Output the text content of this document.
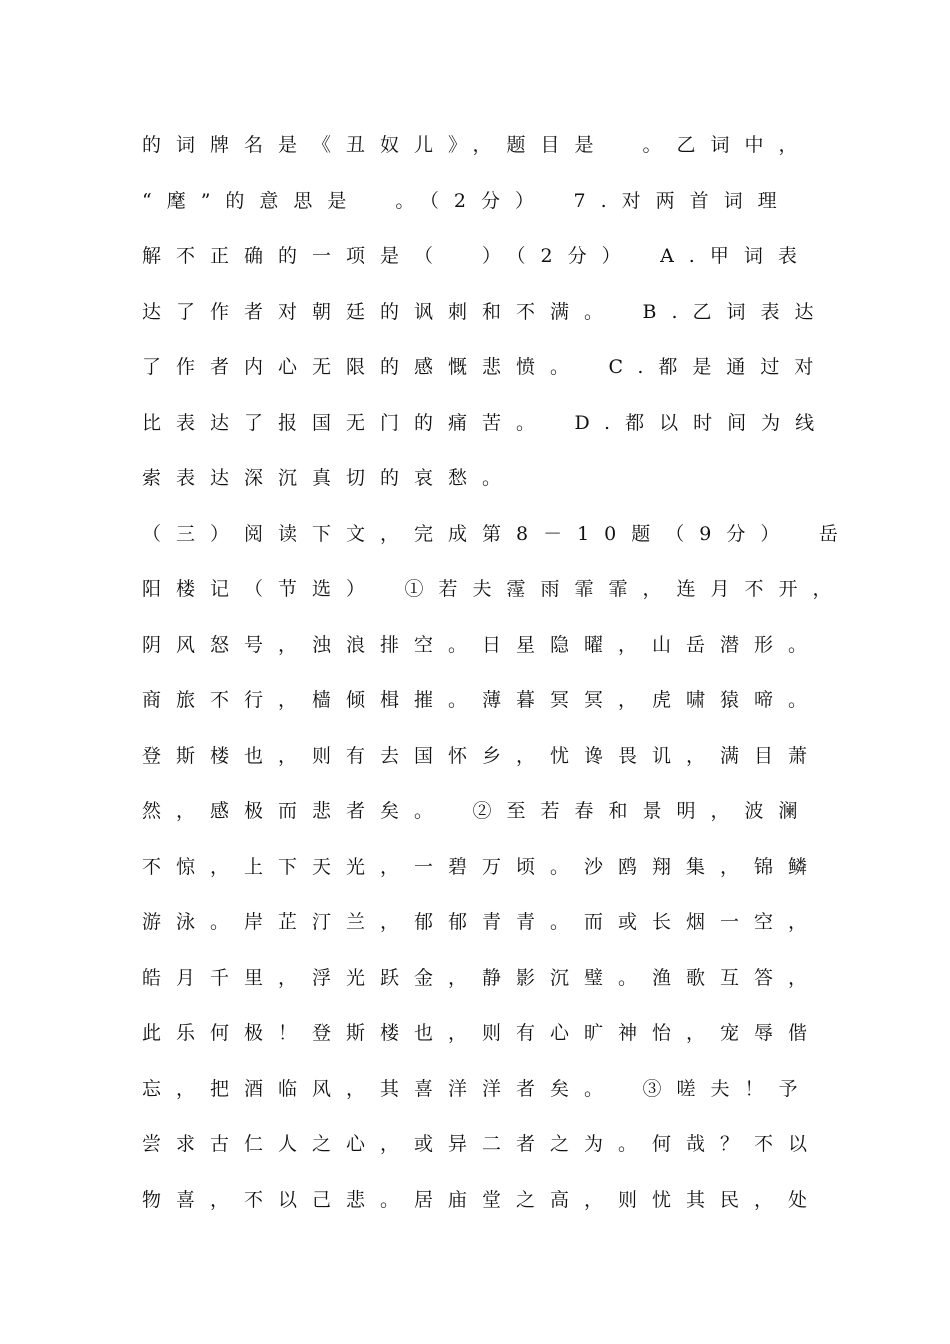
的词牌名是《丑奴儿》，题目是　。乙词中，
“麾”的意思是　。（2分）　7.对两首词理
解不正确的一项是（　）（2分）　A.甲词表
达了作者对朝廷的讽刺和不满。　B.乙词表达
了作者内心无限的感慨悲愤。　C.都是通过对
比表达了报国无门的痛苦。　D.都以时间为线
索表达深沉真切的哀愁。
（三）阅读下文，完成第8－10题（9分）　岳
阳楼记（节选）　①若夫霪雨霏霏，连月不开，
阴风怒号，浊浪排空。日星隐曜，山岳潜形。
商旅不行，樯倾楫摧。薄暮冥冥，虎啸猿啼。
登斯楼也，则有去国怀乡，忧谗畏讥，满目萧
然，感极而悲者矣。　②至若春和景明，波澜
不惊，上下天光，一碧万顷。沙鸥翔集，锦鳞
游泳。岸芷汀兰，郁郁青青。而或长烟一空，
皓月千里，浮光跃金，静影沉璧。渔歌互答，
此乐何极！登斯楼也，则有心旷神怡，宠辱偕
忘，把酒临风，其喜洋洋者矣。　③嗟夫！予
尝求古仁人之心，或异二者之为。何哉？不以
物喜，不以己悲。居庙堂之高，则忧其民，处
